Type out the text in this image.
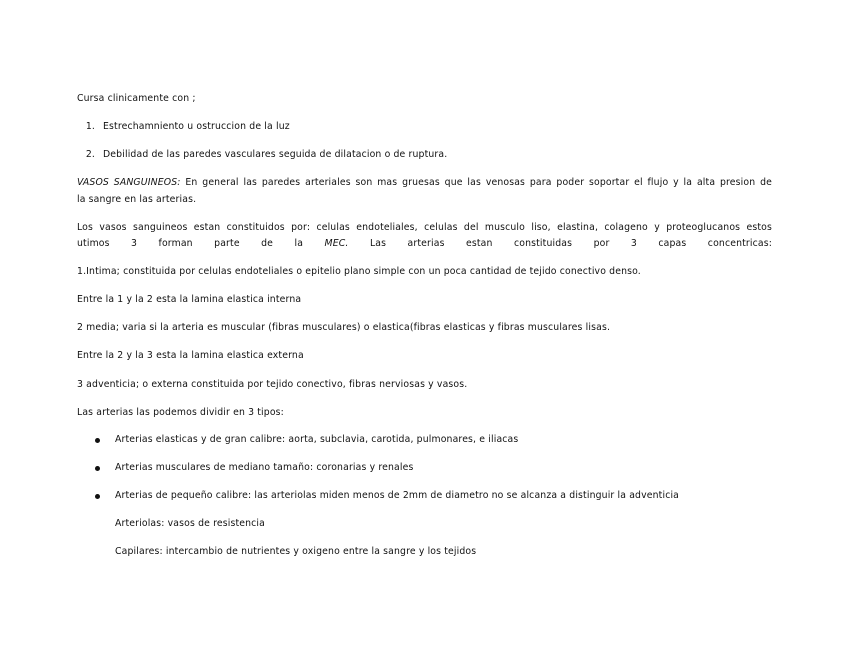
Cursa clinicamente con ;
1. Estrechamniento u ostruccion de la luz
2. Debilidad de las paredes vasculares seguida de dilatacion o de ruptura.
VASOS SANGUINEOS: En general las paredes arteriales son mas gruesas que las venosas para poder soportar el flujo y la alta presion de
la sangre en las arterias.
Los vasos sanguineos estan constituidos por: celulas endoteliales, celulas del musculo liso, elastina, colageno y proteoglucanos estos
utimos 3 forman parte de la MEC. Las arterias estan constituidas por 3 capas concentricas:
1.Intima; constituida por celulas endoteliales o epitelio plano simple con un poca cantidad de tejido conectivo denso.
Entre la 1 y la 2 esta la lamina elastica interna
2 media; varia si la arteria es muscular (fibras musculares) o elastica(fibras elasticas y fibras musculares lisas.
Entre la 2 y la 3 esta la lamina elastica externa
3 adventicia; o externa constituida por tejido conectivo, fibras nerviosas y vasos.
Las arterias las podemos dividir en 3 tipos:
Arterias elasticas y de gran calibre: aorta, subclavia, carotida, pulmonares, e iliacas
Arterias musculares de mediano tamaño: coronarias y renales
Arterias de pequeño calibre: las arteriolas miden menos de 2mm de diametro no se alcanza a distinguir la adventicia
Arteriolas: vasos de resistencia
Capilares: intercambio de nutrientes y oxigeno entre la sangre y los tejidos
